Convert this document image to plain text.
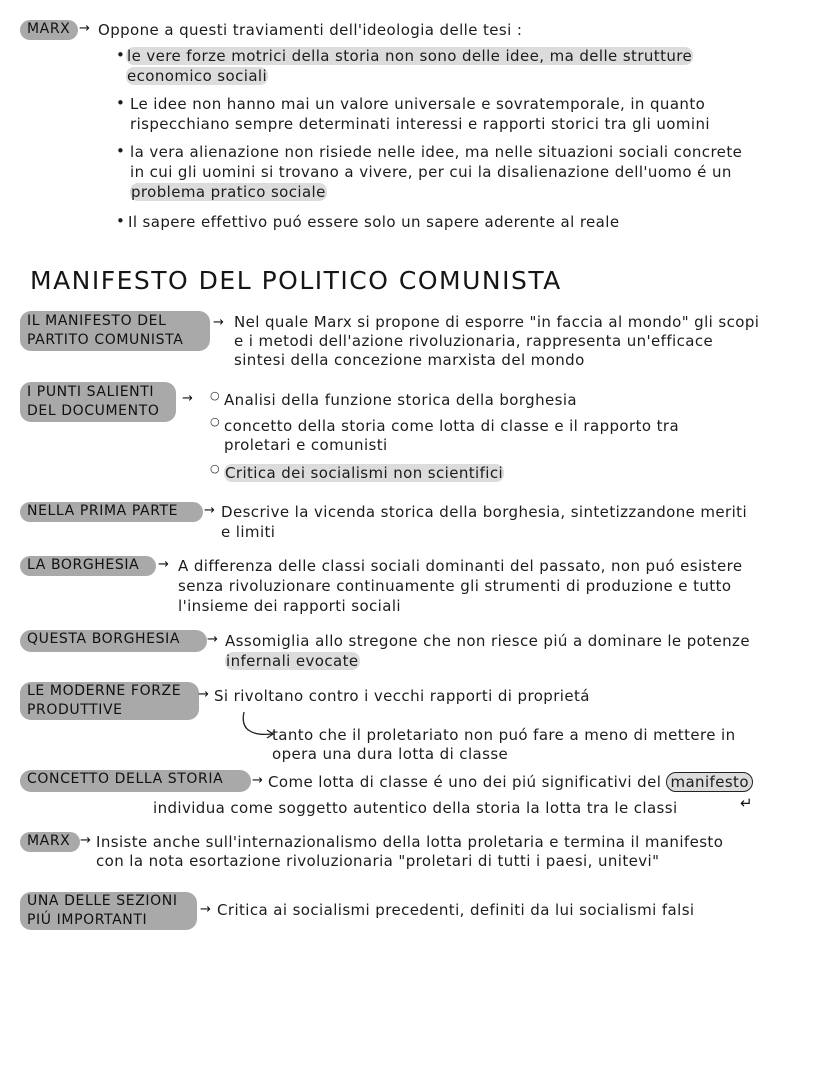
MARX → Oppone a questi traviamenti dell'ideologia delle tesi :
• le vere forze motrici della storia non sono delle idee, ma delle strutture
economico sociali
• Le idee non hanno mai un valore universale e sovratemporale, in quanto
rispecchiano sempre determinati interessi e rapporti storici tra gli uomini
• la vera alienazione non risiede nelle idee, ma nelle situazioni sociali concrete
in cui gli uomini si trovano a vivere, per cui la disalienazione dell'uomo é un
problema pratico sociale
• Il sapere effettivo puó essere solo un sapere aderente al reale
MANIFESTO DEL POLITICO COMUNISTA
IL MANIFESTO DEL
PARTITO COMUNISTA
→ Nel quale Marx si propone di esporre "in faccia al mondo" gli scopi
e i metodi dell'azione rivoluzionaria, rappresenta un'efficace
sintesi della concezione marxista del mondo
I PUNTI SALIENTI
DEL DOCUMENTO
→ ○ Analisi della funzione storica della borghesia
○ concetto della storia come lotta di classe e il rapporto tra
proletari e comunisti
○ Critica dei socialismi non scientifici
NELLA PRIMA PARTE	→ Descrive la vicenda storica della borghesia, sintetizzandone meriti
e limiti
LA BORGHESIA	→ A differenza delle classi sociali dominanti del passato, non puó esistere
senza rivoluzionare continuamente gli strumenti di produzione e tutto
l'insieme dei rapporti sociali
QUESTA BORGHESIA	→ Assomiglia allo stregone che non riesce piú a dominare le potenze
infernali evocate
LE MODERNE FORZE
PRODUTTIVE
→ Si rivoltano contro i vecchi rapporti di proprietá
tanto che il proletariato non puó fare a meno di mettere in
opera una dura lotta di classe
CONCETTO DELLA STORIA	→ Come lotta di classe é uno dei piú significativi del manifesto
individua come soggetto autentico della storia la lotta tra le classi	↵
MARX → Insiste anche sull'internazionalismo della lotta proletaria e termina il manifesto
con la nota esortazione rivoluzionaria "proletari di tutti i paesi, unitevi"
UNA DELLE SEZIONI
PIÚ IMPORTANTI
→ Critica ai socialismi precedenti, definiti da lui socialismi falsi
